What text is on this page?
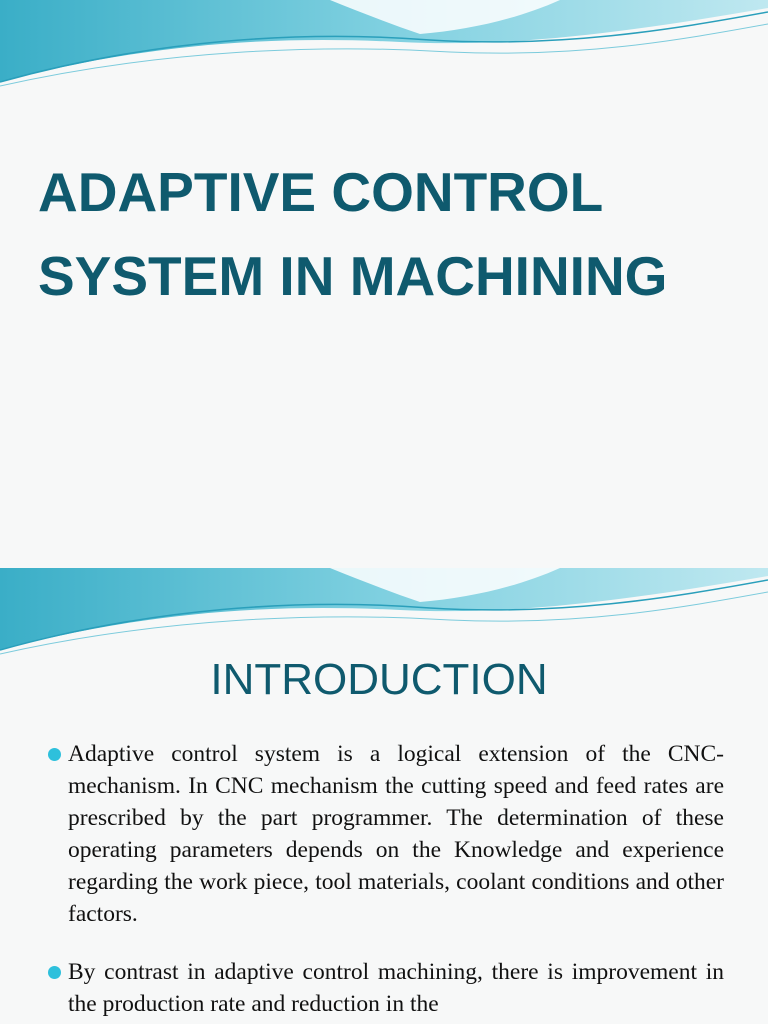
ADAPTIVE CONTROL
SYSTEM IN MACHINING
INTRODUCTION
Adaptive control system is a logical extension of the CNC-mechanism. In CNC mechanism the cutting speed and feed rates are prescribed by the part programmer. The determination of these operating parameters depends on the Knowledge and experience regarding the work piece, tool materials, coolant conditions and other factors.
By contrast in adaptive control machining, there is improvement in the production rate and reduction in the
